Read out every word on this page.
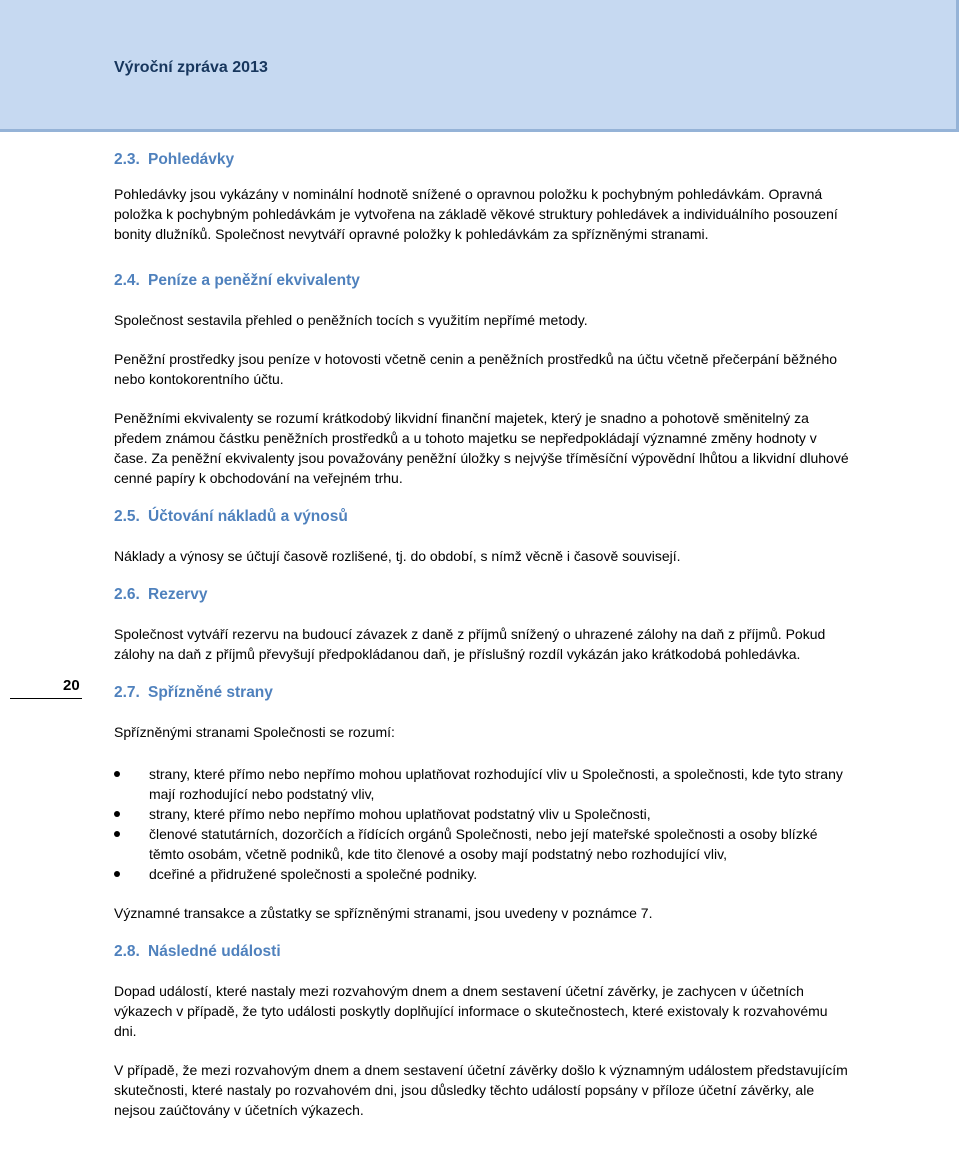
Výroční zpráva 2013
20
2.3. Pohledávky

Pohledávky jsou vykázány v nominální hodnotě snížené o opravnou položku k pochybným pohledávkám. Opravná položka k pochybným pohledávkám je vytvořena na základě věkové struktury pohledávek a individuálního posouzení bonity dlužníků. Společnost nevytváří opravné položky k pohledávkám za spřízněnými stranami.

2.4. Peníze a peněžní ekvivalenty

Společnost sestavila přehled o peněžních tocích s využitím nepřímé metody.

Peněžní prostředky jsou peníze v hotovosti včetně cenin a peněžních prostředků na účtu včetně přečerpání běžného nebo kontokorentního účtu.

Peněžními ekvivalenty se rozumí krátkodobý likvidní finanční majetek, který je snadno a pohotově směnitelný za předem známou částku peněžních prostředků a u tohoto majetku se nepředpokládají významné změny hodnoty v čase. Za peněžní ekvivalenty jsou považovány peněžní úložky s nejvýše tříměsíční výpovědní lhůtou a likvidní dluhové cenné papíry k obchodování na veřejném trhu.

2.5. Účtování nákladů a výnosů

Náklady a výnosy se účtují časově rozlišené, tj. do období, s nímž věcně i časově souvisejí.

2.6. Rezervy

Společnost vytváří rezervu na budoucí závazek z daně z příjmů snížený o uhrazené zálohy na daň z příjmů. Pokud zálohy na daň z příjmů převyšují předpokládanou daň, je příslušný rozdíl vykázán jako krátkodobá pohledávka.

2.7. Spřízněné strany

Spřízněnými stranami Společnosti se rozumí:

strany, které přímo nebo nepřímo mohou uplatňovat rozhodující vliv u Společnosti, a společnosti, kde tyto strany mají rozhodující nebo podstatný vliv,
strany, které přímo nebo nepřímo mohou uplatňovat podstatný vliv u Společnosti,
členové statutárních, dozorčích a řídících orgánů Společnosti, nebo její mateřské společnosti a osoby blízké těmto osobám, včetně podniků, kde tito členové a osoby mají podstatný nebo rozhodující vliv,
dceřiné a přidružené společnosti a společné podniky.

Významné transakce a zůstatky se spřízněnými stranami, jsou uvedeny v poznámce 7.

2.8. Následné události

Dopad událostí, které nastaly mezi rozvahovým dnem a dnem sestavení účetní závěrky, je zachycen v účetních výkazech v případě, že tyto události poskytly doplňující informace o skutečnostech, které existovaly k rozvahovému dni.

V případě, že mezi rozvahovým dnem a dnem sestavení účetní závěrky došlo k významným událostem představujícím skutečnosti, které nastaly po rozvahovém dni, jsou důsledky těchto událostí popsány v příloze účetní závěrky, ale nejsou zaúčtovány v účetních výkazech.
